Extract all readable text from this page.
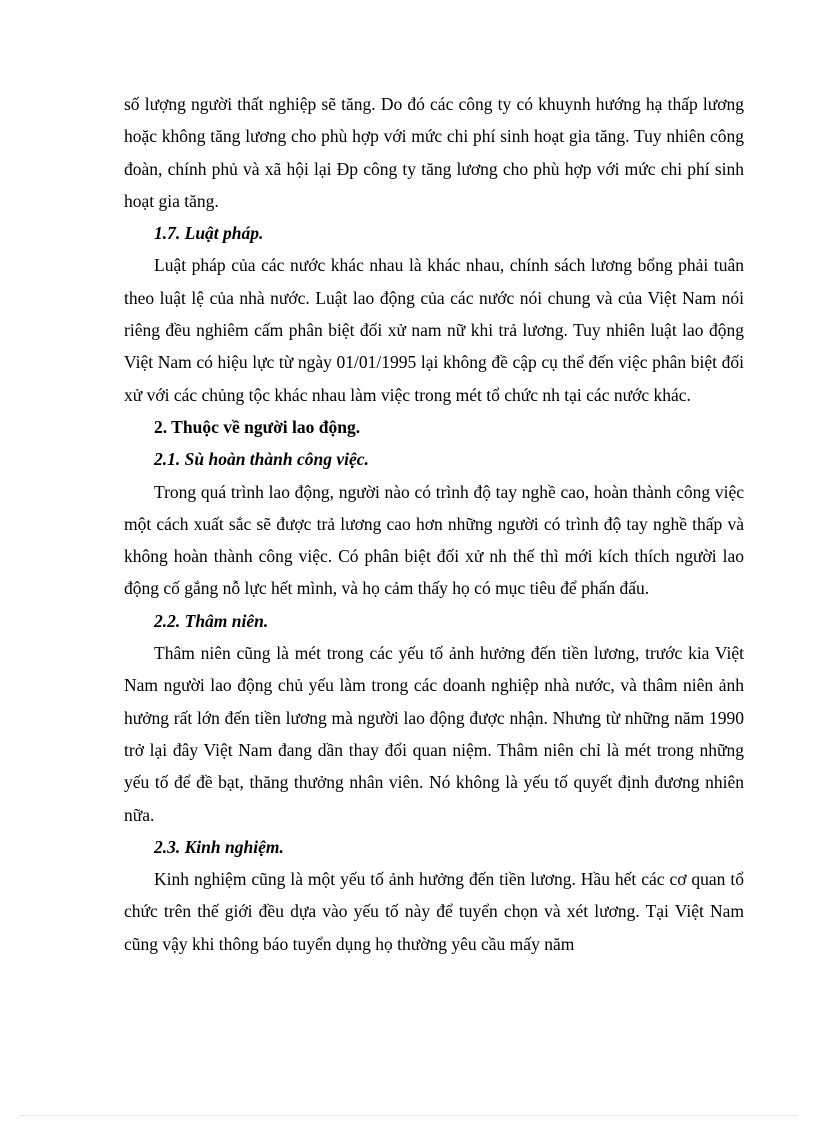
số lượng người thất nghiệp sẽ tăng. Do đó các công ty có khuynh hướng hạ thấp lương hoặc không tăng lương cho phù hợp với mức chi phí sinh hoạt gia tăng. Tuy nhiên công đoàn, chính phủ và xã hội lại Đp công ty tăng lương cho phù hợp với mức chi phí sinh hoạt gia tăng.

1.7. Luật pháp.

Luật pháp của các nước khác nhau là khác nhau, chính sách lương bổng phải tuân theo luật lệ của nhà nước. Luật lao động của các nước nói chung và của Việt Nam nói riêng đều nghiêm cấm phân biệt đối xử nam nữ khi trả lương. Tuy nhiên luật lao động Việt Nam có hiệu lực từ ngày 01/01/1995 lại không đề cập cụ thể đến việc phân biệt đối xử với các chủng tộc khác nhau làm việc trong mét tổ chức nh tại các nước khác.

2. Thuộc về người lao động.

2.1. Sù hoàn thành công việc.

Trong quá trình lao động, người nào có trình độ tay nghề cao, hoàn thành công việc một cách xuất sắc sẽ được trả lương cao hơn những người có trình độ tay nghề thấp và không hoàn thành công việc. Có phân biệt đối xử nh thế thì mới kích thích người lao động cố gắng nỗ lực hết mình, và họ cảm thấy họ có mục tiêu để phấn đấu.

2.2. Thâm niên.

Thâm niên cũng là mét trong các yếu tố ảnh hưởng đến tiền lương, trước kia Việt Nam người lao động chủ yếu làm trong các doanh nghiệp nhà nước, và thâm niên ảnh hưởng rất lớn đến tiền lương mà người lao động được nhận. Nhưng từ những năm 1990 trở lại đây Việt Nam đang dần thay đổi quan niệm. Thâm niên chỉ là mét trong những yếu tố để đề bạt, thăng thưởng nhân viên. Nó không là yếu tố quyết định đương nhiên nữa.

2.3. Kinh nghiệm.

Kinh nghiệm cũng là một yếu tố ảnh hưởng đến tiền lương. Hầu hết các cơ quan tổ chức trên thế giới đều dựa vào yếu tố này để tuyển chọn và xét lương. Tại Việt Nam cũng vậy khi thông báo tuyển dụng họ thường yêu cầu mấy năm
